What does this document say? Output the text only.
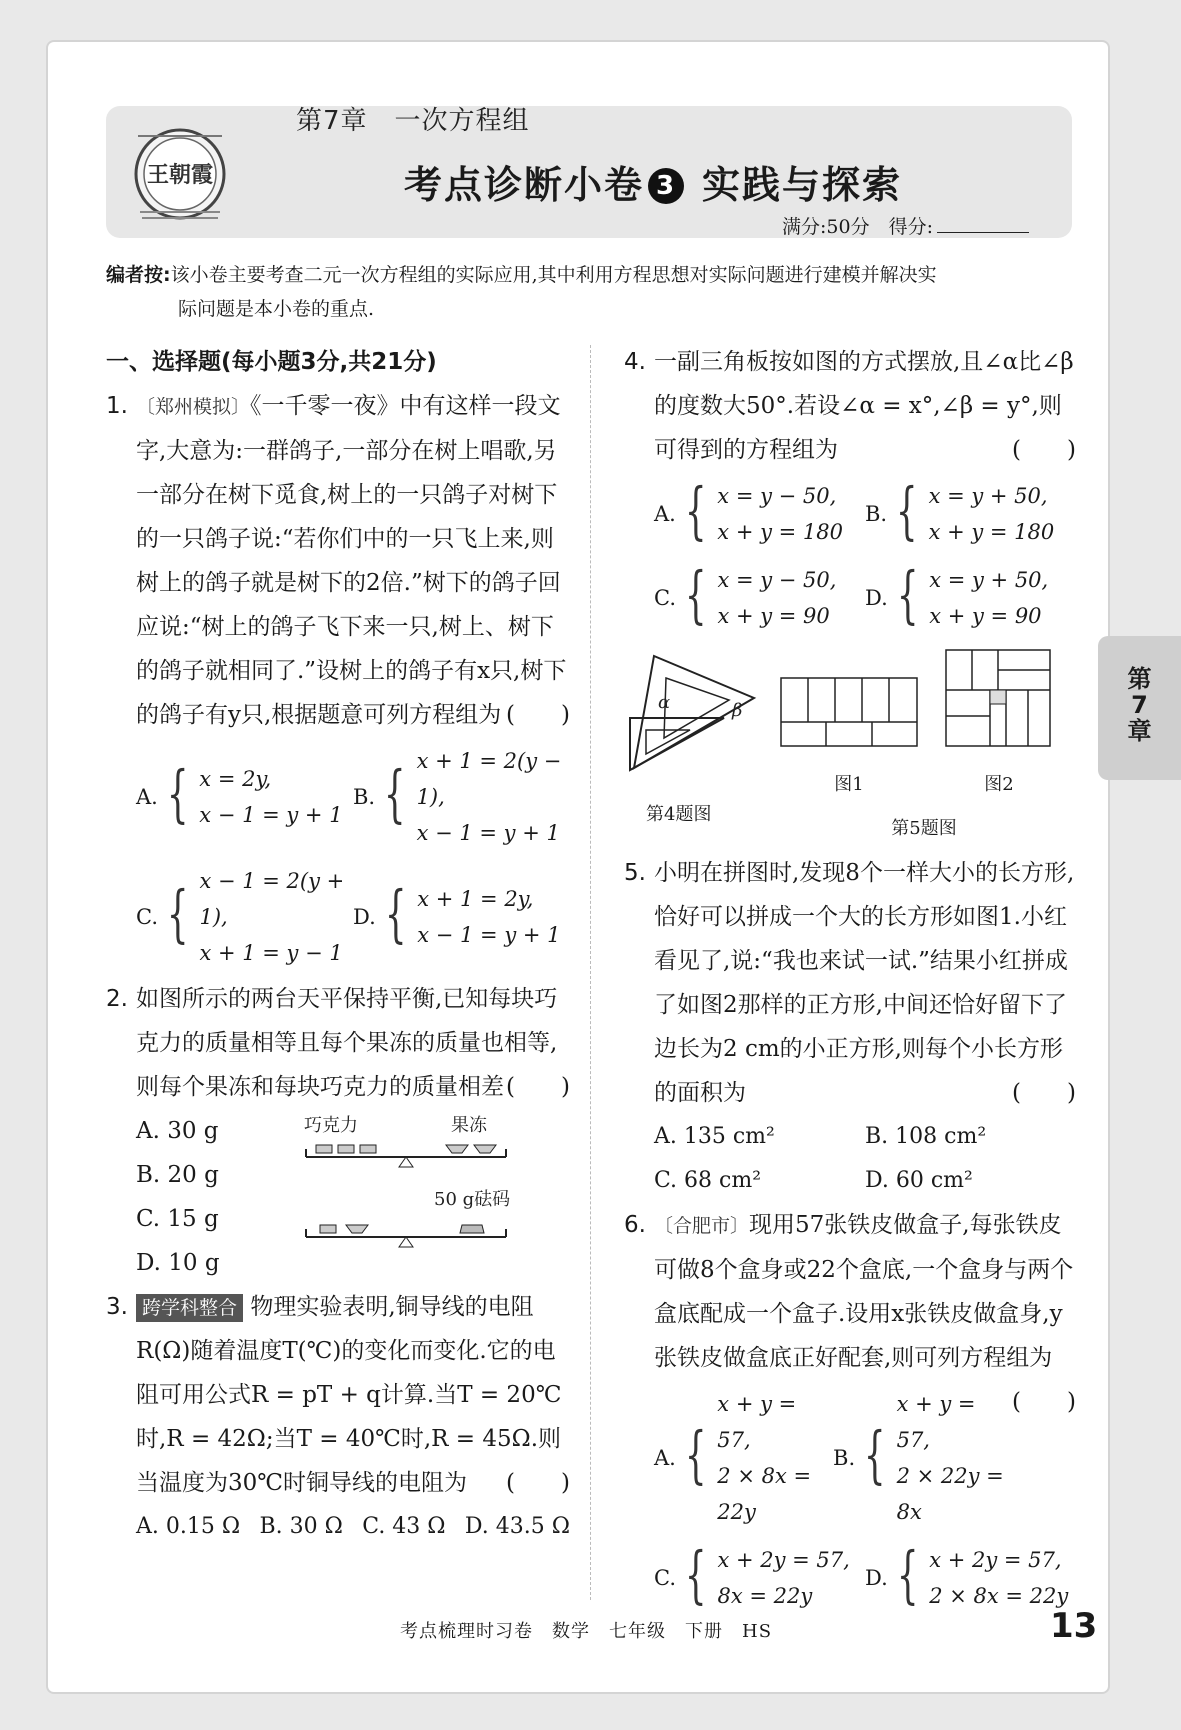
王朝霞
第7章　一次方程组
考点诊断小卷 3 实践与探索
满分:50分　得分:
编者按:该小卷主要考查二元一次方程组的实际应用,其中利用方程思想对实际问题进行建模并解决实
际问题是本小卷的重点.
一、选择题(每小题3分,共21分)
1. 〔郑州模拟〕《一千零一夜》中有这样一段文字,大意为:一群鸽子,一部分在树上唱歌,另一部分在树下觅食,树上的一只鸽子对树下的一只鸽子说:“若你们中的一只飞上来,则树上的鸽子就是树下的2倍.”树下的鸽子回应说:“树上的鸽子飞下来一只,树上、树下的鸽子就相同了.”设树上的鸽子有x只,树下的鸽子有y只,根据题意可列方程组为 (　　)
A. { x = 2y,
x − 1 = y + 1
B. { x + 1 = 2(y − 1),
x − 1 = y + 1
C. { x − 1 = 2(y + 1),
x + 1 = y − 1
D. { x + 1 = 2y,
x − 1 = y + 1
2. 如图所示的两台天平保持平衡,已知每块巧克力的质量相等且每个果冻的质量也相等,则每个果冻和每块巧克力的质量相差 (　　)
A. 30 g
B. 20 g
C. 15 g
D. 10 g
巧克力	果冻
50 g砝码
3. 跨学科整合 物理实验表明,铜导线的电阻R(Ω)随着温度T(℃)的变化而变化.它的电阻可用公式R = pT + q计算.当T = 20℃时,R = 42Ω;当T = 40℃时,R = 45Ω.则当温度为30℃时铜导线的电阻为 (　　)
A. 0.15 Ω B. 30 Ω C. 43 Ω D. 43.5 Ω
4. 一副三角板按如图的方式摆放,且∠α比∠β的度数大50°.若设∠α = x°,∠β = y°,则可得到的方程组为	(　　)
A. { x = y − 50,
x + y = 180
B. { x = y + 50,
x + y = 180
C. { x = y − 50,
x + y = 90
D. { x = y + 50,
x + y = 90
α	β
第4题图
图1	图2
第5题图
5. 小明在拼图时,发现8个一样大小的长方形,恰好可以拼成一个大的长方形如图1.小红看见了,说:“我也来试一试.”结果小红拼成了如图2那样的正方形,中间还恰好留下了边长为2 cm的小正方形,则每个小长方形的面积为	(　　)
A. 135 cm²	B. 108 cm²
C. 68 cm²	D. 60 cm²
6. 〔合肥市〕现用57张铁皮做盒子,每张铁皮可做8个盒身或22个盒底,一个盒身与两个盒底配成一个盒子.设用x张铁皮做盒身,y张铁皮做盒底正好配套,则可列方程组为
(　　)
A. {
x + y = 57,
2 × 8x = 22y
B. {
x + y = 57,
2 × 22y = 8x
C. { x + 2y = 57,
8x = 22y
D. { x + 2y = 57,
2 × 8x = 22y
第
7
章
考点梳理时习卷　数学　七年级　下册　HS	13
